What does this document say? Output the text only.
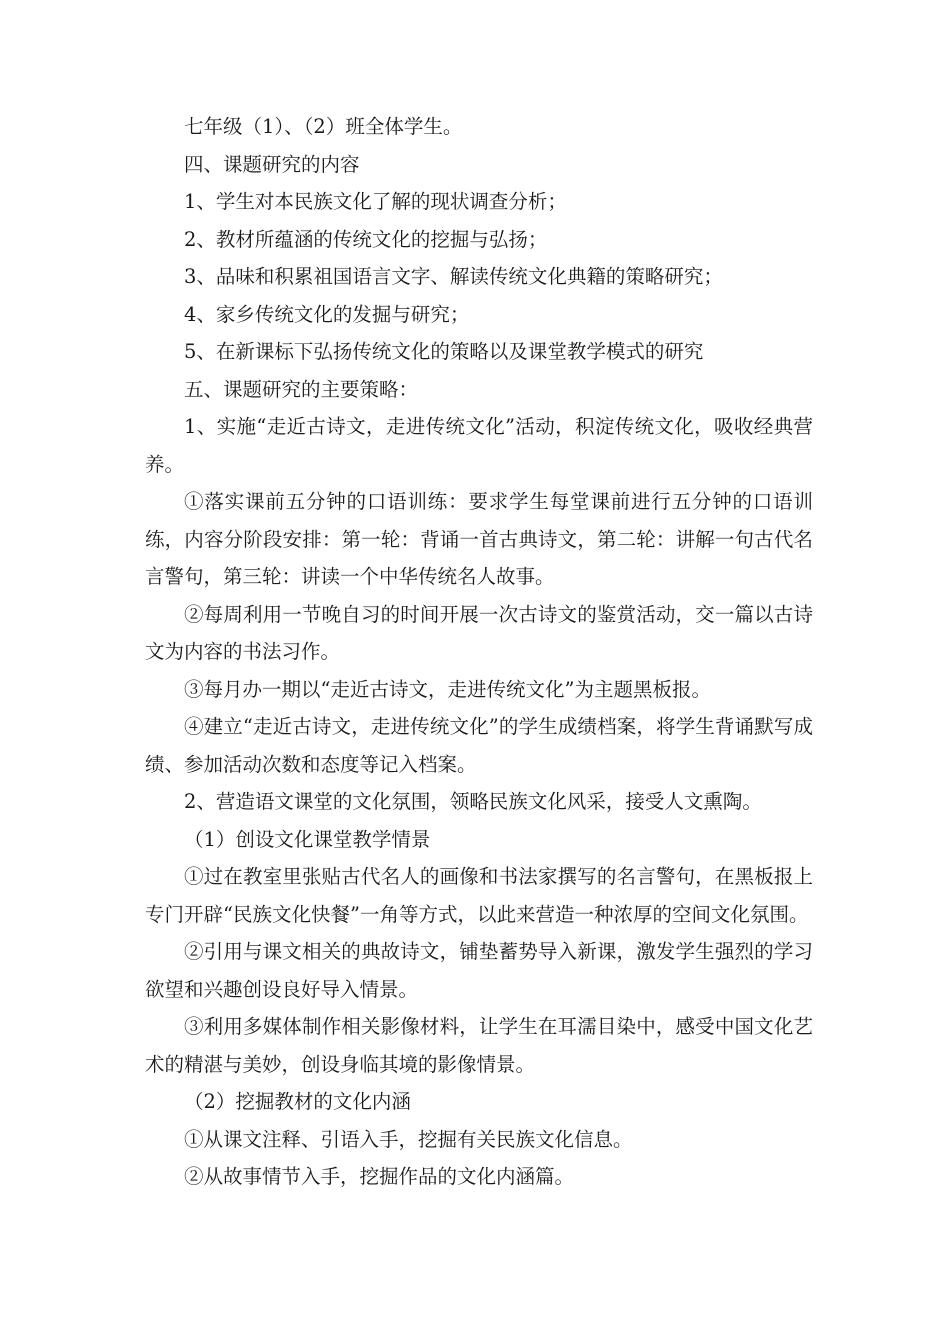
七年级（1）、（2）班全体学生。

四、课题研究的内容

1、学生对本民族文化了解的现状调查分析；

2、教材所蕴涵的传统文化的挖掘与弘扬；

3、品味和积累祖国语言文字、解读传统文化典籍的策略研究；

4、家乡传统文化的发掘与研究；

5、在新课标下弘扬传统文化的策略以及课堂教学模式的研究

五、课题研究的主要策略：

1、实施“走近古诗文，走进传统文化”活动，积淀传统文化，吸收经典营养。

①落实课前五分钟的口语训练：要求学生每堂课前进行五分钟的口语训练，内容分阶段安排：第一轮：背诵一首古典诗文，第二轮：讲解一句古代名言警句，第三轮：讲读一个中华传统名人故事。

②每周利用一节晚自习的时间开展一次古诗文的鉴赏活动，交一篇以古诗文为内容的书法习作。

③每月办一期以“走近古诗文，走进传统文化”为主题黑板报。

④建立“走近古诗文，走进传统文化”的学生成绩档案，将学生背诵默写成绩、参加活动次数和态度等记入档案。

2、营造语文课堂的文化氛围，领略民族文化风采，接受人文熏陶。

（1）创设文化课堂教学情景

①过在教室里张贴古代名人的画像和书法家撰写的名言警句，在黑板报上专门开辟“民族文化快餐”一角等方式，以此来营造一种浓厚的空间文化氛围。

②引用与课文相关的典故诗文，铺垫蓄势导入新课，激发学生强烈的学习欲望和兴趣创设良好导入情景。

③利用多媒体制作相关影像材料，让学生在耳濡目染中，感受中国文化艺术的精湛与美妙，创设身临其境的影像情景。

（2）挖掘教材的文化内涵

①从课文注释、引语入手，挖掘有关民族文化信息。

②从故事情节入手，挖掘作品的文化内涵篇。
